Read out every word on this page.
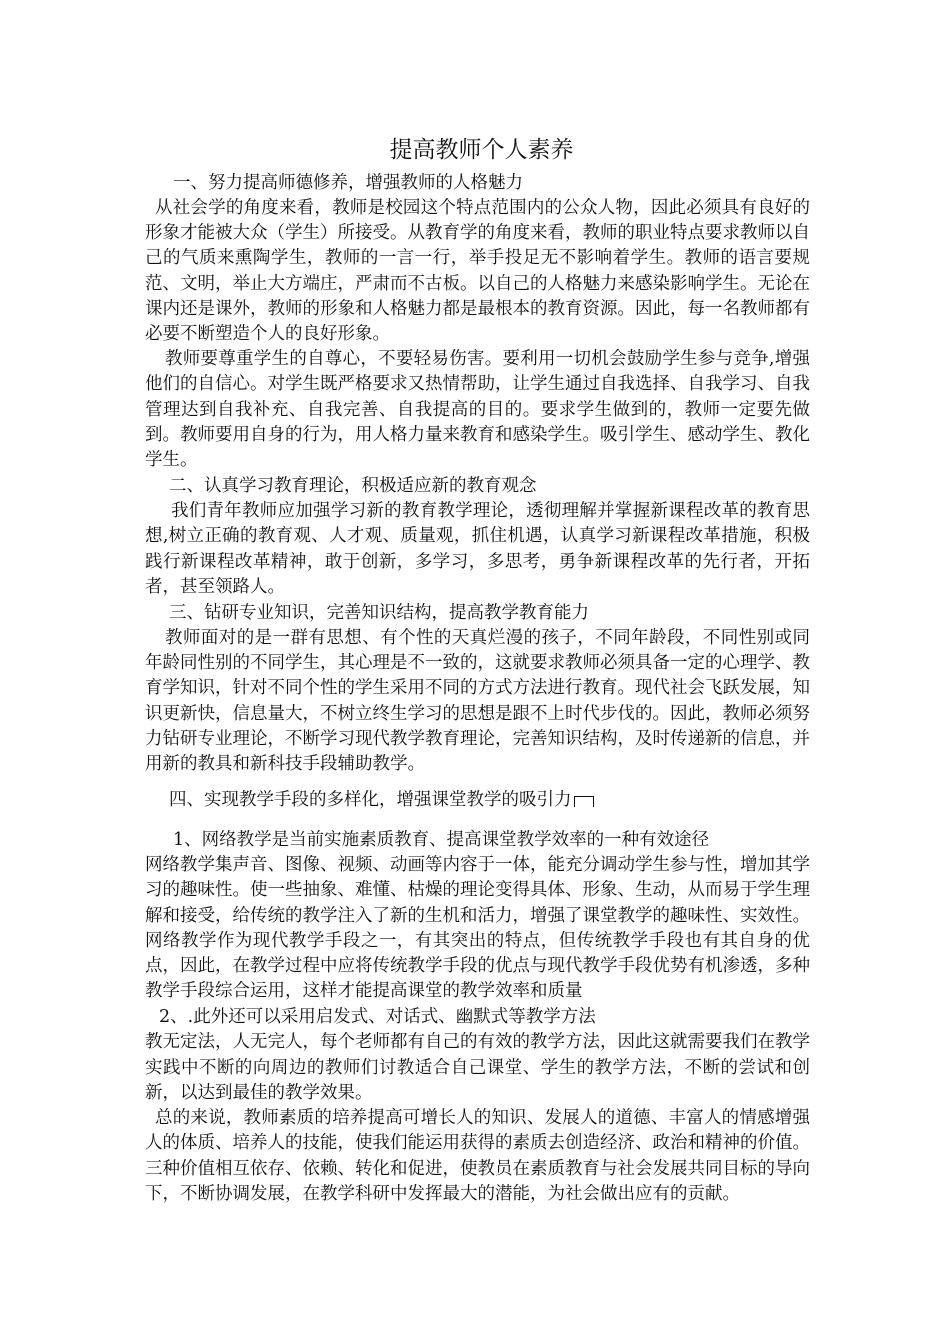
提高教师个人素养

一、努力提高师德修养，增强教师的人格魅力

从社会学的角度来看，教师是校园这个特点范围内的公众人物，因此必须具有良好的形象才能被大众（学生）所接受。从教育学的角度来看，教师的职业特点要求教师以自己的气质来熏陶学生，教师的一言一行，举手投足无不影响着学生。教师的语言要规范、文明，举止大方端庄，严肃而不古板。以自己的人格魅力来感染影响学生。无论在课内还是课外，教师的形象和人格魅力都是最根本的教育资源。因此，每一名教师都有必要不断塑造个人的良好形象。

教师要尊重学生的自尊心，不要轻易伤害。要利用一切机会鼓励学生参与竞争,增强他们的自信心。对学生既严格要求又热情帮助，让学生通过自我选择、自我学习、自我管理达到自我补充、自我完善、自我提高的目的。要求学生做到的，教师一定要先做到。教师要用自身的行为，用人格力量来教育和感染学生。吸引学生、感动学生、教化学生。

二、认真学习教育理论，积极适应新的教育观念

我们青年教师应加强学习新的教育教学理论，透彻理解并掌握新课程改革的教育思想,树立正确的教育观、人才观、质量观，抓住机遇，认真学习新课程改革措施，积极践行新课程改革精神，敢于创新，多学习，多思考，勇争新课程改革的先行者，开拓者，甚至领路人。

三、钻研专业知识，完善知识结构，提高教学教育能力

教师面对的是一群有思想、有个性的天真烂漫的孩子，不同年龄段，不同性别或同年龄同性别的不同学生，其心理是不一致的，这就要求教师必须具备一定的心理学、教育学知识，针对不同个性的学生采用不同的方式方法进行教育。现代社会飞跃发展，知识更新快，信息量大，不树立终生学习的思想是跟不上时代步伐的。因此，教师必须努力钻研专业理论，不断学习现代教学教育理论，完善知识结构，及时传递新的信息，并用新的教具和新科技手段辅助教学。

四、实现教学手段的多样化，增强课堂教学的吸引力

1、网络教学是当前实施素质教育、提高课堂教学效率的一种有效途径

网络教学集声音、图像、视频、动画等内容于一体，能充分调动学生参与性，增加其学习的趣味性。使一些抽象、难懂、枯燥的理论变得具体、形象、生动，从而易于学生理解和接受，给传统的教学注入了新的生机和活力，增强了课堂教学的趣味性、实效性。网络教学作为现代教学手段之一，有其突出的特点，但传统教学手段也有其自身的优点，因此，在教学过程中应将传统教学手段的优点与现代教学手段优势有机渗透，多种教学手段综合运用，这样才能提高课堂的教学效率和质量

2、.此外还可以采用启发式、对话式、幽默式等教学方法

教无定法，人无完人，每个老师都有自己的有效的教学方法，因此这就需要我们在教学实践中不断的向周边的教师们讨教适合自己课堂、学生的教学方法，不断的尝试和创新，以达到最佳的教学效果。

总的来说，教师素质的培养提高可增长人的知识、发展人的道德、丰富人的情感增强人的体质、培养人的技能，使我们能运用获得的素质去创造经济、政治和精神的价值。三种价值相互依存、依赖、转化和促进，使教员在素质教育与社会发展共同目标的导向下，不断协调发展，在教学科研中发挥最大的潜能，为社会做出应有的贡献。
